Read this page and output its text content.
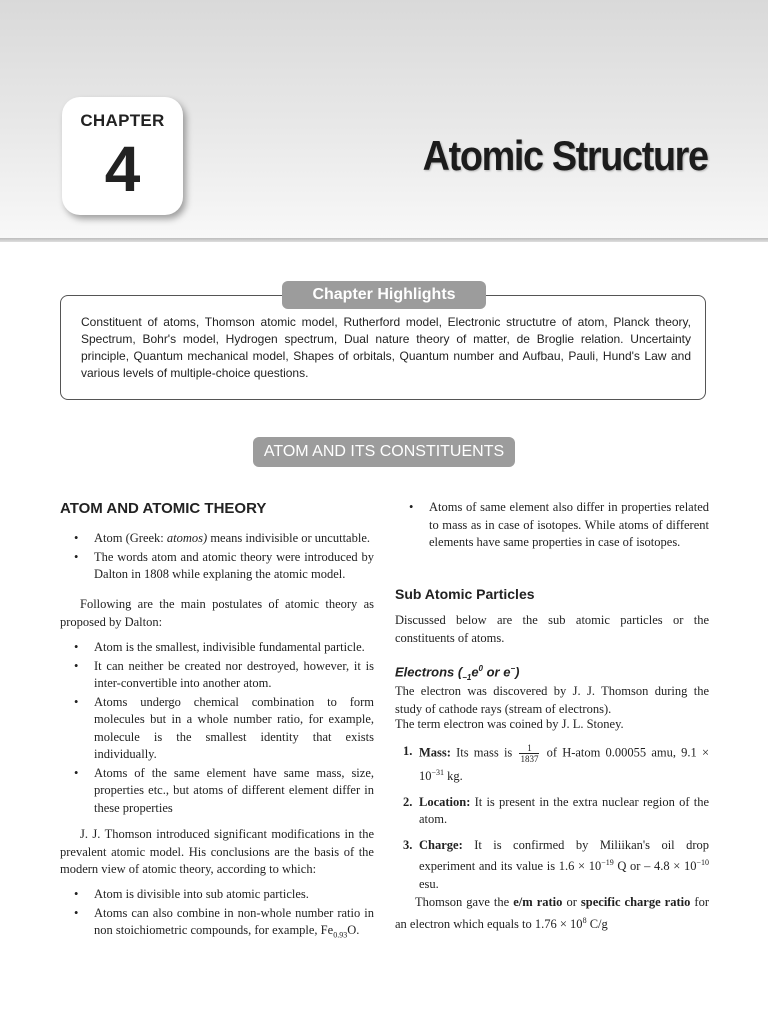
CHAPTER
4	Atomic Structure
Chapter Highlights
Constituent of atoms, Thomson atomic model, Rutherford model, Electronic structutre of atom, Planck theory, Spectrum, Bohr's model, Hydrogen spectrum, Dual nature theory of matter, de Broglie relation. Uncertainty principle, Quantum mechanical model, Shapes of orbitals, Quantum number and Aufbau, Pauli, Hund's Law and various levels of multiple-choice questions.
ATOM AND ITS CONSTITUENTS
ATOM AND ATOMIC THEORY
• Atom (Greek: atomos) means indivisible or uncuttable.
• The words atom and atomic theory were introduced by Dalton in 1808 while explaning the atomic model.

Following are the main postulates of atomic theory as proposed by Dalton:

• Atom is the smallest, indivisible fundamental particle.
• It can neither be created nor destroyed, however, it is inter-convertible into another atom.
• Atoms undergo chemical combination to form molecules but in a whole number ratio, for example, molecule is the smallest identity that exists individually.
• Atoms of the same element have same mass, size, properties etc., but atoms of different element differ in these properties

J. J. Thomson introduced significant modifications in the prevalent atomic model. His conclusions are the basis of the modern view of atomic theory, according to which:

• Atom is divisible into sub atomic particles.
• Atoms can also combine in non-whole number ratio in non stoichiometric compounds, for example, $Fe_{0.93}O$.
• Atoms of same element also differ in properties related to mass as in case of isotopes. While atoms of different elements have same properties in case of isotopes.
Sub Atomic Particles

Discussed below are the sub atomic particles or the constituents of atoms.

Electrons ($_{-1}e^0$ or e−)

The electron was discovered by J. J. Thomson during the study of cathode rays (stream of electrons).

The term electron was coined by J. L. Stoney.

1. Mass: Its mass is $\frac{1}{1837}$ of H-atom 0.00055 amu, $9.1 \times 10^{-31}$ kg.
2. Location: It is present in the extra nuclear region of the atom.
3. Charge: It is confirmed by Miliikan's oil drop experiment and its value is $1.6 \times 10^{-19}$ Q or – $4.8 \times 10^{-10}$ esu.

Thomson gave the e/m ratio or specific charge ratio for an electron which equals to $1.76 \times 10^8$ C/g
